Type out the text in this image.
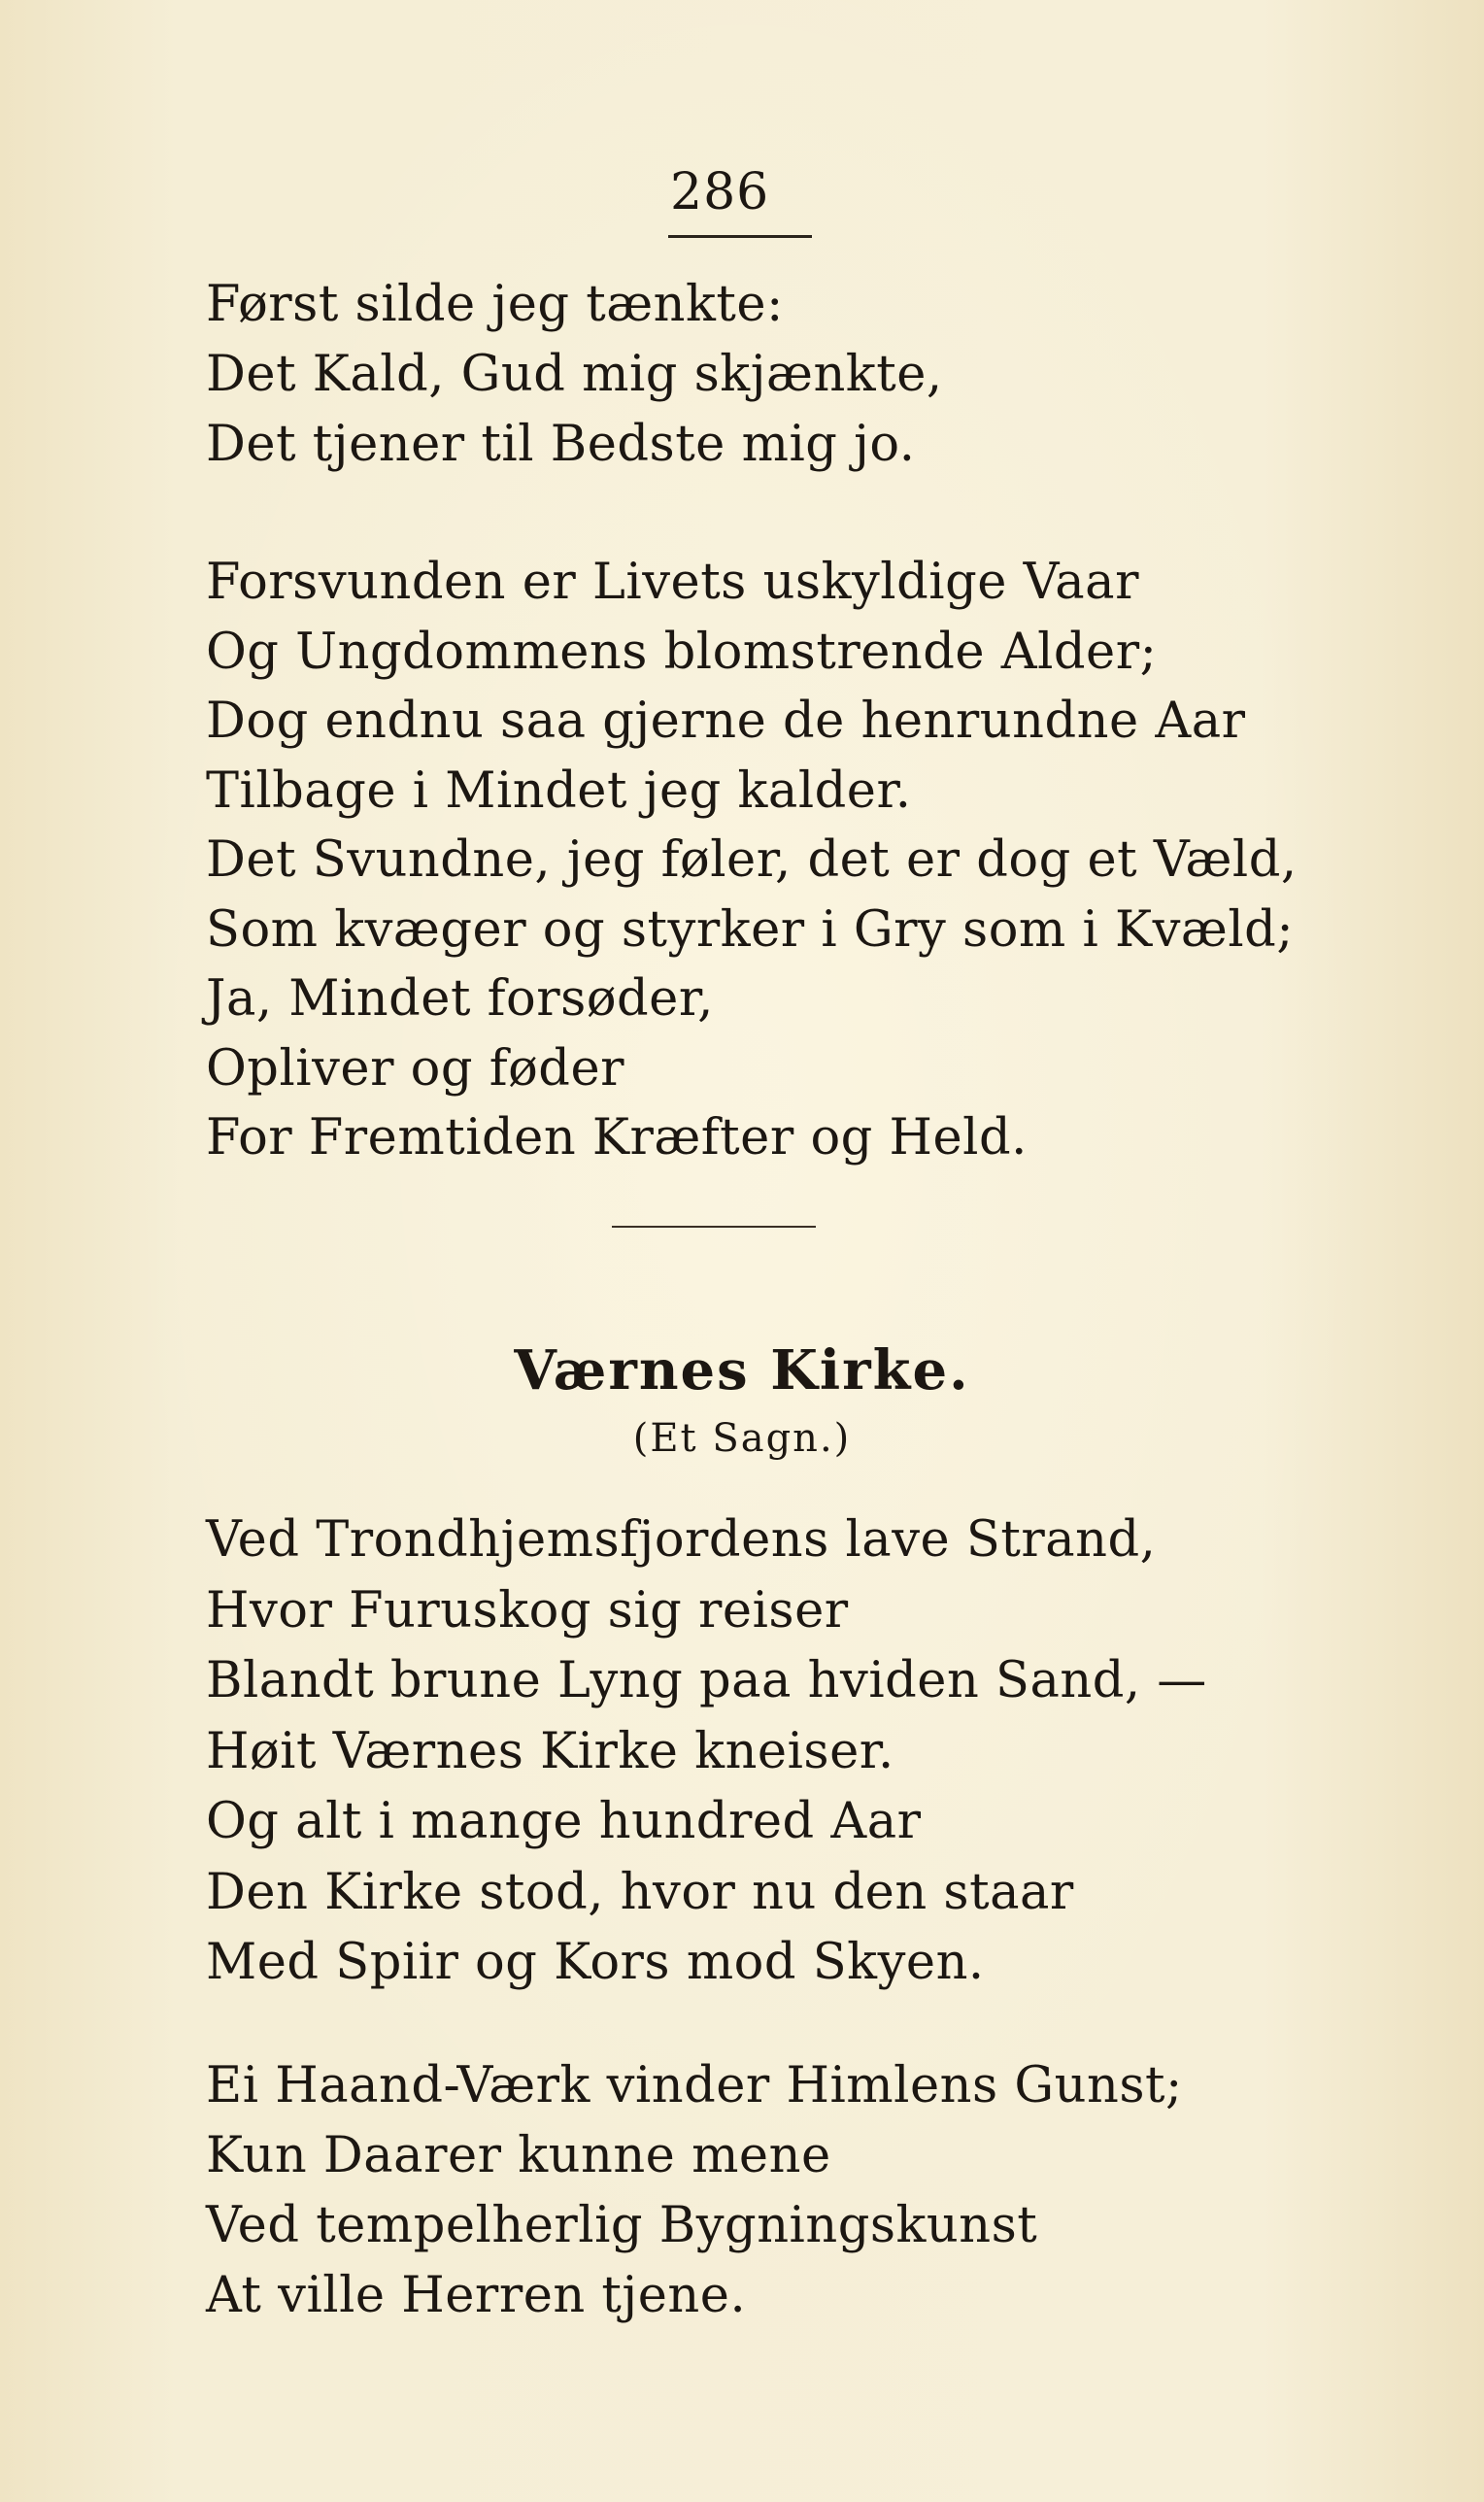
286
Først silde jeg tænkte:
Det Kald, Gud mig skjænkte,
Det tjener til Bedste mig jo.
Forsvunden er Livets uskyldige Vaar
Og Ungdommens blomstrende Alder;
Dog endnu saa gjerne de henrundne Aar
Tilbage i Mindet jeg kalder.
Det Svundne, jeg føler, det er dog et Væld,
Som kvæger og styrker i Gry som i Kvæld;
Ja, Mindet forsøder,
Opliver og føder
For Fremtiden Kræfter og Held.
Værnes Kirke.
(Et Sagn.)
Ved Trondhjemsfjordens lave Strand,
Hvor Furuskog sig reiser
Blandt brune Lyng paa hviden Sand, —
Høit Værnes Kirke kneiser.
Og alt i mange hundred Aar
Den Kirke stod, hvor nu den staar
Med Spiir og Kors mod Skyen.
Ei Haand-Værk vinder Himlens Gunst;
Kun Daarer kunne mene
Ved tempelherlig Bygningskunst
At ville Herren tjene.
